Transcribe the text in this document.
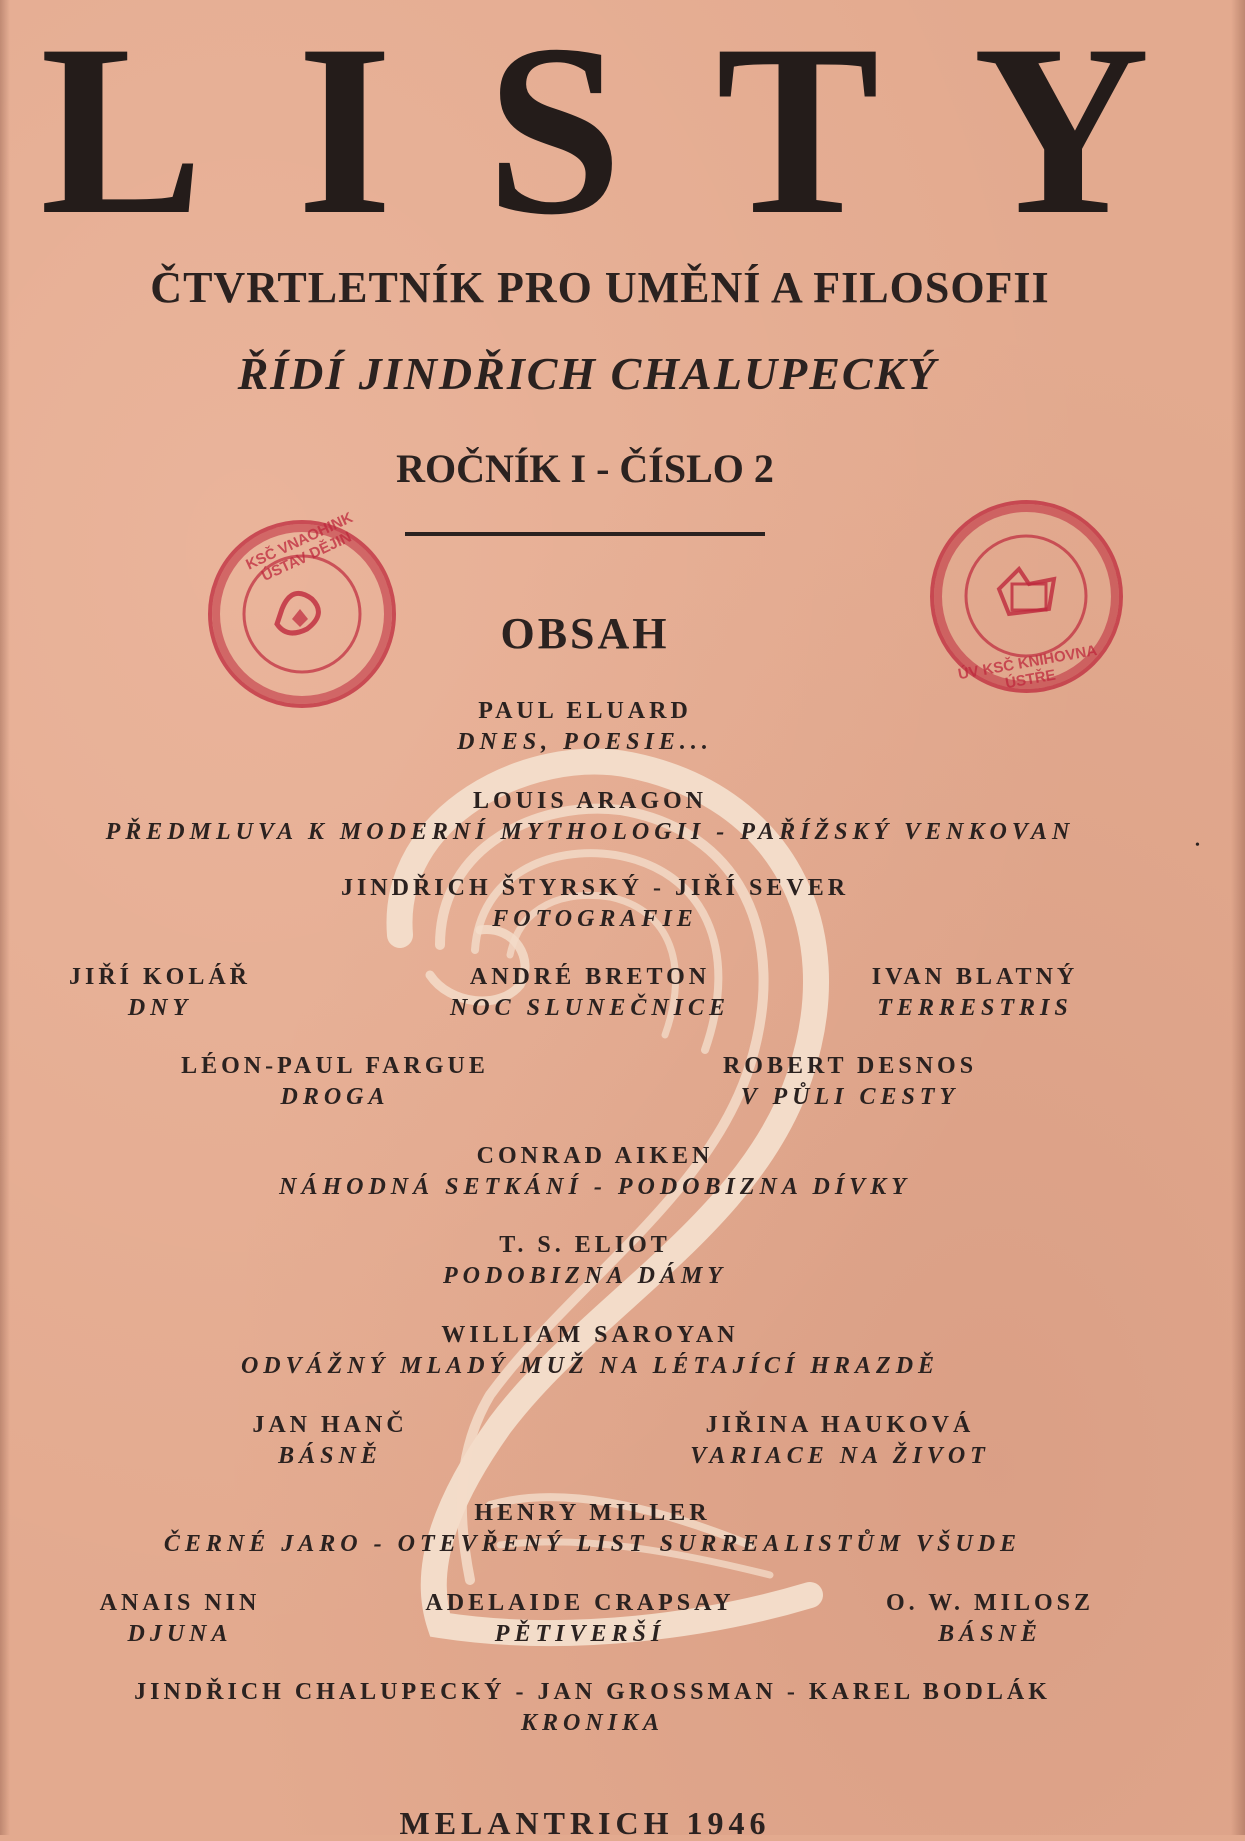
L I S T Y
ČTVRTLETNÍK PRO UMĚNÍ A FILOSOFII
ŘÍDÍ JINDŘICH CHALUPECKÝ
ROČNÍK I - ČÍSLO 2
KSČ VNAOHINK ÚSTAV DĚJIN
ÚV KSČ KNIHOVNA ÚSTŘE
OBSAH
PAUL ELUARD
DNES, POESIE...
LOUIS ARAGON
PŘEDMLUVA K MODERNÍ MYTHOLOGII - PAŘÍŽSKÝ VENKOVAN
JINDŘICH ŠTYRSKÝ - JIŘÍ SEVER
FOTOGRAFIE
JIŘÍ KOLÁŘ
DNY
ANDRÉ BRETON
NOC SLUNEČNICE
IVAN BLATNÝ
TERRESTRIS
LÉON-PAUL FARGUE
DROGA
ROBERT DESNOS
V PŮLI CESTY
CONRAD AIKEN
NÁHODNÁ SETKÁNÍ - PODOBIZNA DÍVKY
T. S. ELIOT
PODOBIZNA DÁMY
WILLIAM SAROYAN
ODVÁŽNÝ MLADÝ MUŽ NA LÉTAJÍCÍ HRAZDĚ
JAN HANČ
BÁSNĚ
JIŘINA HAUKOVÁ
VARIACE NA ŽIVOT
HENRY MILLER
ČERNÉ JARO - OTEVŘENÝ LIST SURREALISTŮM VŠUDE
ANAIS NIN
DJUNA
ADELAIDE CRAPSAY
PĚTIVERŠÍ
O. W. MILOSZ
BÁSNĚ
JINDŘICH CHALUPECKÝ - JAN GROSSMAN - KAREL BODLÁK
KRONIKA
MELANTRICH 1946
•
